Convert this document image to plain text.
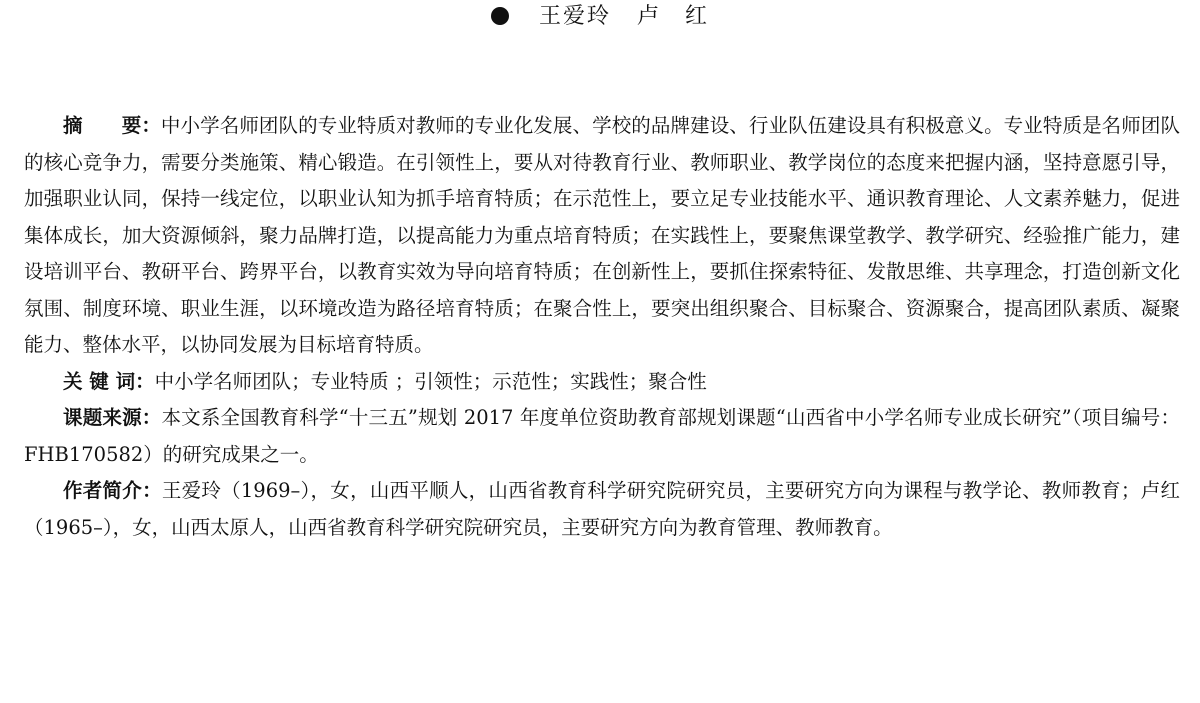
王爱玲 卢　红

摘 要：中小学名师团队的专业特质对教师的专业化发展、学校的品牌建设、行业队伍建设具有积极意义。专业特质是名师团队的核心竞争力，需要分类施策、精心锻造。在引领性上，要从对待教育行业、教师职业、教学岗位的态度来把握内涵，坚持意愿引导，加强职业认同，保持一线定位，以职业认知为抓手培育特质；在示范性上，要立足专业技能水平、通识教育理论、人文素养魅力，促进集体成长，加大资源倾斜，聚力品牌打造，以提高能力为重点培育特质；在实践性上，要聚焦课堂教学、教学研究、经验推广能力，建设培训平台、教研平台、跨界平台，以教育实效为导向培育特质；在创新性上，要抓住探索特征、发散思维、共享理念，打造创新文化氛围、制度环境、职业生涯，以环境改造为路径培育特质；在聚合性上，要突出组织聚合、目标聚合、资源聚合，提高团队素质、凝聚能力、整体水平，以协同发展为目标培育特质。

关 键 词：中小学名师团队；专业特质 ；引领性；示范性；实践性；聚合性

课题来源：本文系全国教育科学“十三五”规划 2017 年度单位资助教育部规划课题“山西省中小学名师专业成长研究”（项目编号：FHB170582）的研究成果之一。

作者简介：王爱玲（1969–），女，山西平顺人，山西省教育科学研究院研究员，主要研究方向为课程与教学论、教师教育；卢红（1965–），女，山西太原人，山西省教育科学研究院研究员，主要研究方向为教育管理、教师教育。
